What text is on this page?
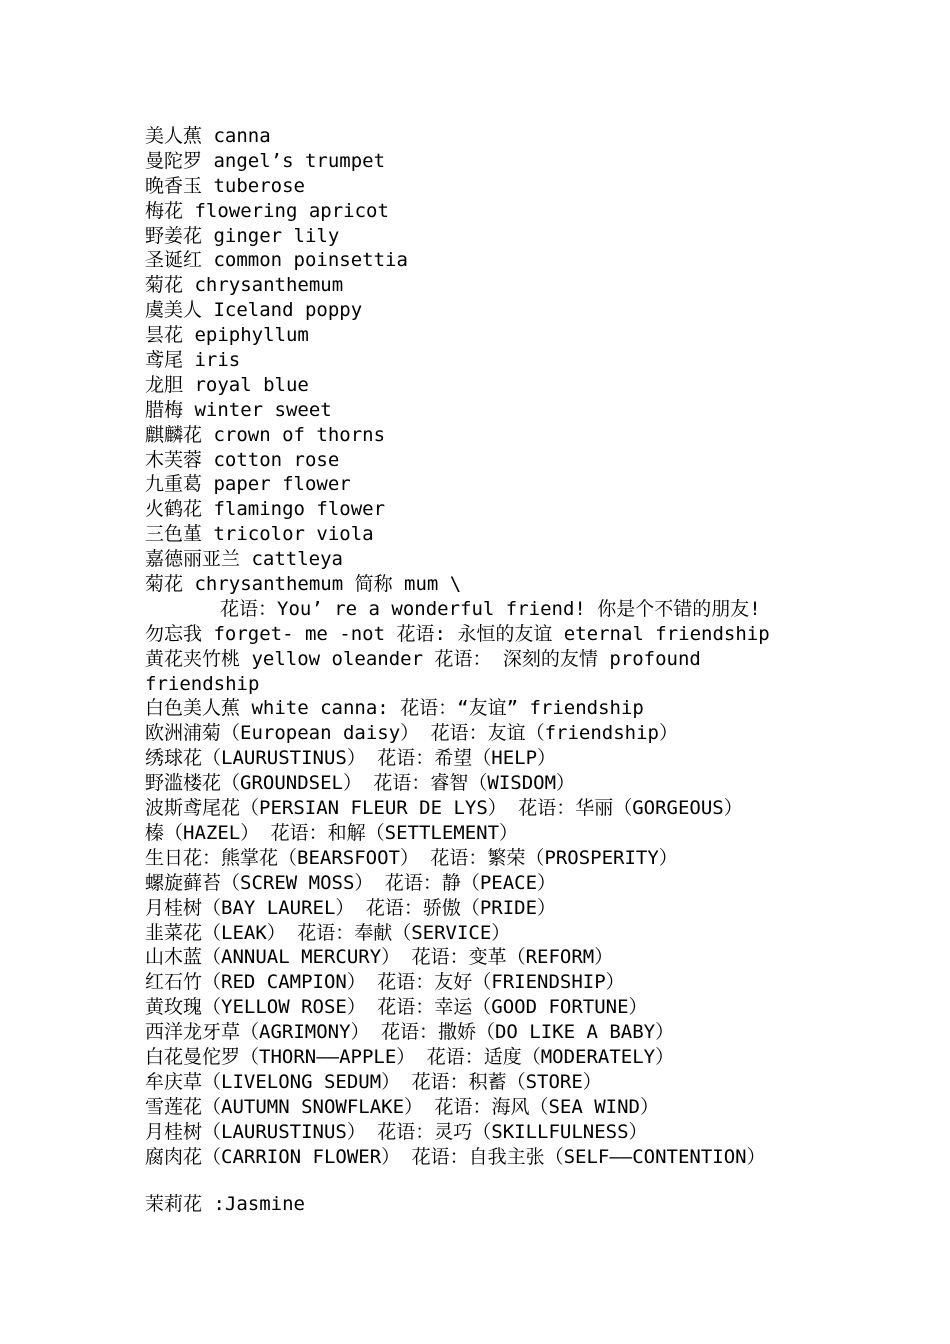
美人蕉 canna
曼陀罗 angel’s trumpet
晚香玉 tuberose
梅花 flowering apricot
野姜花 ginger lily
圣诞红 common poinsettia
菊花 chrysanthemum
虞美人 Iceland poppy
昙花 epiphyllum
鸢尾 iris
龙胆 royal blue
腊梅 winter sweet
麒麟花 crown of thorns
木芙蓉 cotton rose
九重葛 paper flower
火鹤花 flamingo flower
三色堇 tricolor viola
嘉德丽亚兰 cattleya
菊花 chrysanthemum 简称 mum \
花语：You’ re a wonderful friend! 你是个不错的朋友!
勿忘我 forget- me -not 花语: 永恒的友谊 eternal friendship
黄花夹竹桃 yellow oleander 花语： 深刻的友情 profound
friendship
白色美人蕉 white canna: 花语：“友谊” friendship
欧洲浦菊（European daisy） 花语：友谊（friendship）
绣球花（LAURUSTINUS） 花语：希望（HELP）
野滥楼花（GROUNDSEL） 花语：睿智（WISDOM）
波斯鸢尾花（PERSIAN FLEUR DE LYS） 花语：华丽（GORGEOUS）
榛（HAZEL） 花语：和解（SETTLEMENT）
生日花：熊掌花（BEARSFOOT） 花语：繁荣（PROSPERITY）
螺旋藓苔（SCREW MOSS） 花语：静（PEACE）
月桂树（BAY LAUREL） 花语：骄傲（PRIDE）
韭菜花（LEAK） 花语：奉献（SERVICE）
山木蓝（ANNUAL MERCURY） 花语：变革（REFORM）
红石竹（RED CAMPION） 花语：友好（FRIENDSHIP）
黄玫瑰（YELLOW ROSE） 花语：幸运（GOOD FORTUNE）
西洋龙牙草（AGRIMONY） 花语：撒娇（DO LIKE A BABY）
白花曼佗罗（THORN——APPLE） 花语：适度（MODERATELY）
牟庆草（LIVELONG SEDUM） 花语：积蓄（STORE）
雪莲花（AUTUMN SNOWFLAKE） 花语：海风（SEA WIND）
月桂树（LAURUSTINUS） 花语：灵巧（SKILLFULNESS）
腐肉花（CARRION FLOWER） 花语：自我主张（SELF——CONTENTION）
茉莉花 :Jasmine
